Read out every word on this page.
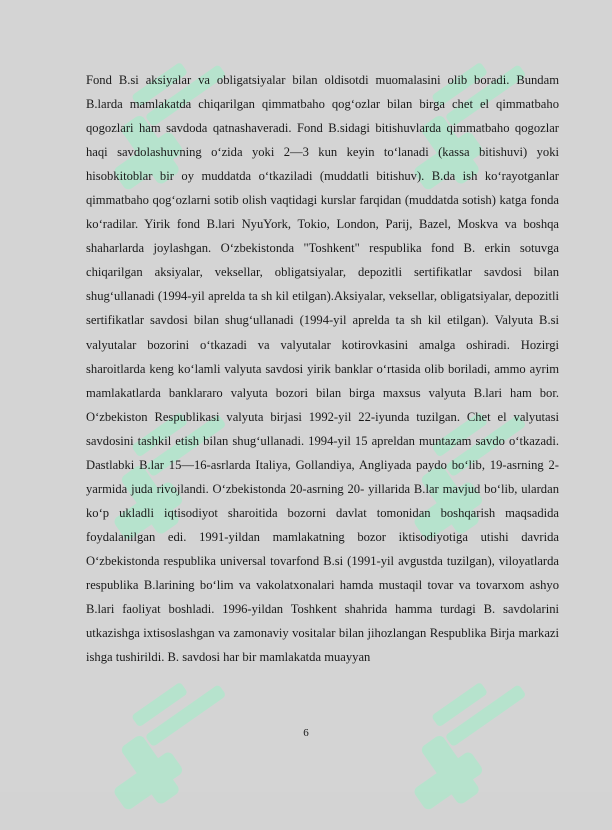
Fond B.si aksiyalar va obligatsiyalar bilan oldisotdi muomalasini olib boradi. Bundam B.larda mamlakatda chiqarilgan qimmatbaho qog‘ozlar bilan birga chet el qimmatbaho qogozlari ham savdoda qatnashaveradi. Fond B.sidagi bitishuvlarda qimmatbaho qogozlar haqi savdolashuvning o‘zida yoki 2—3 kun keyin to‘lanadi (kassa bitishuvi) yoki hisobkitoblar bir oy muddatda o‘tkaziladi (muddatli bitishuv). B.da ish ko‘rayotganlar qimmatbaho qog‘ozlarni sotib olish vaqtidagi kurslar farqidan (muddatda sotish) katga fonda ko‘radilar. Yirik fond B.lari NyuYork, Tokio, London, Parij, Bazel, Moskva va boshqa shaharlarda joylashgan. O‘zbekistonda "Toshkent" respublika fond B. erkin sotuvga chiqarilgan aksiyalar, veksellar, obligatsiyalar, depozitli sertifikatlar savdosi bilan shug‘ullanadi (1994-yil aprelda ta sh kil etilgan).Aksiyalar, veksellar, obligatsiyalar, depozitli sertifikatlar savdosi bilan shug‘ullanadi (1994-yil aprelda ta sh kil etilgan). Valyuta B.si valyutalar bozorini o‘tkazadi va valyutalar kotirovkasini amalga oshiradi. Hozirgi sharoitlarda keng ko‘lamli valyuta savdosi yirik banklar o‘rtasida olib boriladi, ammo ayrim mamlakatlarda banklararo valyuta bozori bilan birga maxsus valyuta B.lari ham bor. O‘zbekiston Respublikasi valyuta birjasi 1992-yil 22-iyunda tuzilgan. Chet el valyutasi savdosini tashkil etish bilan shug‘ullanadi. 1994-yil 15 apreldan muntazam savdo o‘tkazadi. Dastlabki B.lar 15—16-asrlarda Italiya, Gollandiya, Angliyada paydo bo‘lib, 19-asrning 2-yarmida juda rivojlandi. O‘zbekistonda 20-asrning 20- yillarida B.lar mavjud bo‘lib, ulardan ko‘p ukladli iqtisodiyot sharoitida bozorni davlat tomonidan boshqarish maqsadida foydalanilgan edi. 1991-yildan mamlakatning bozor iktisodiyotiga utishi davrida O‘zbekistonda respublika universal tovarfond B.si (1991-yil avgustda tuzilgan), viloyatlarda respublika B.larining bo‘lim va vakolatxonalari hamda mustaqil tovar va tovarxom ashyo B.lari faoliyat boshladi. 1996-yildan Toshkent shahrida hamma turdagi B. savdolarini utkazishga ixtisoslashgan va zamonaviy vositalar bilan jihozlangan Respublika Birja markazi ishga tushirildi. B. savdosi har bir mamlakatda muayyan

6
